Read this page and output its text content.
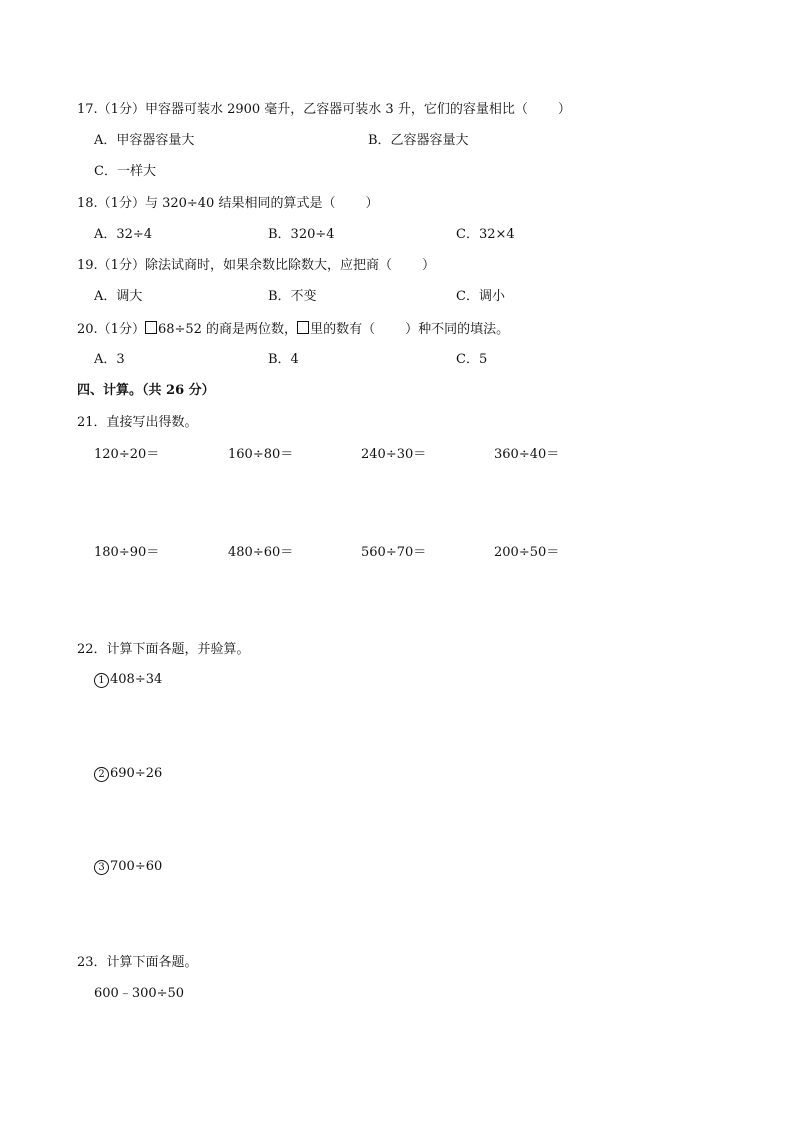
17.（1分）甲容器可装水 2900 毫升，乙容器可装水 3 升，它们的容量相比（ ）
A．甲容器容量大	B．乙容器容量大
C．一样大
18.（1分）与 320÷40 结果相同的算式是（ ）
A．32÷4	B．320÷4	C．32×4
19.（1分）除法试商时，如果余数比除数大，应把商（ ）
A．调大	B．不变	C．调小
20.（1分） 68÷52 的商是两位数， 里的数有（ ）种不同的填法。
A．3	B．4	C．5
四、计算。（共 26 分）
21．直接写出得数。
120÷20＝	160÷80＝	240÷30＝	360÷40＝
180÷90＝	480÷60＝	560÷70＝	200÷50＝
22．计算下面各题，并验算。
1 408÷34
2 690÷26
3 700÷60
23．计算下面各题。
600﹣300÷50
